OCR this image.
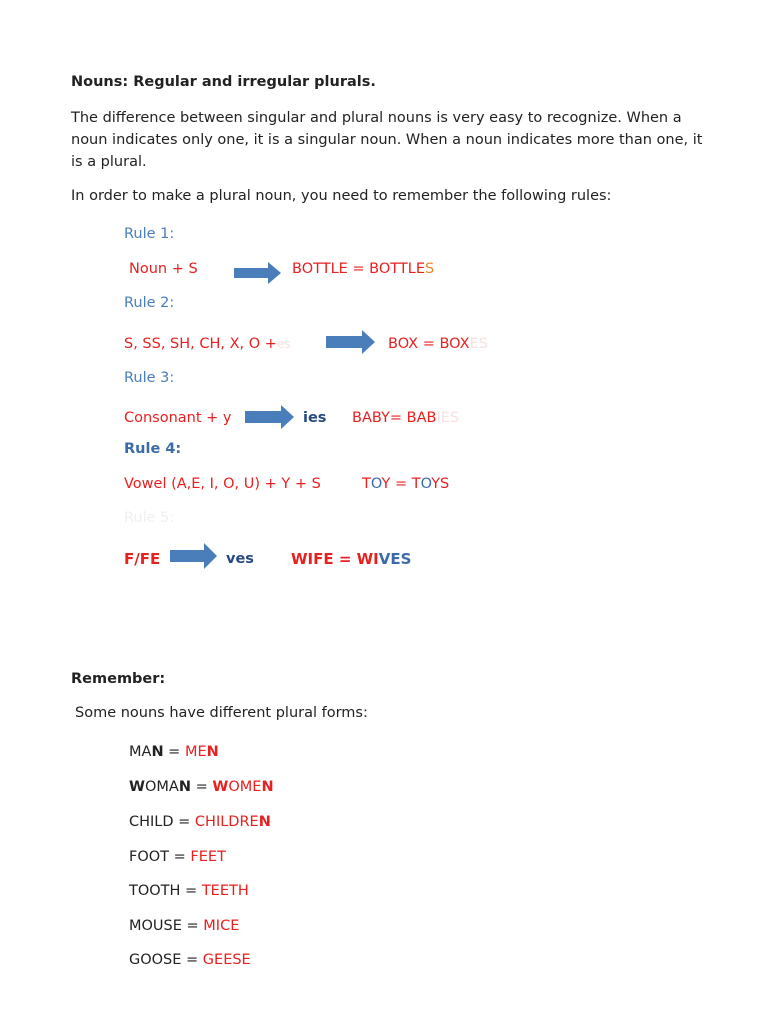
Nouns: Regular and irregular plurals.
The difference between singular and plural nouns is very easy to recognize. When a noun indicates only one, it is a singular noun. When a noun indicates more than one, it is a plural.
In order to make a plural noun, you need to remember the following rules:
Rule 1:
Noun + S	BOTTLE = BOTTLES
Rule 2:
S, SS, SH, CH, X, O +es	BOX = BOXES
Rule 3:
Consonant + y	ies BABY= BABIES
Rule 4:
Vowel (A,E, I, O, U) + Y + S	TOY = TOYS
Rule 5:
F/FE	ves WIFE = WIVES
Remember:
Some nouns have different plural forms:
MAN = MEN
WOMAN = WOMEN
CHILD = CHILDREN
FOOT = FEET
TOOTH = TEETH
MOUSE = MICE
GOOSE = GEESE
